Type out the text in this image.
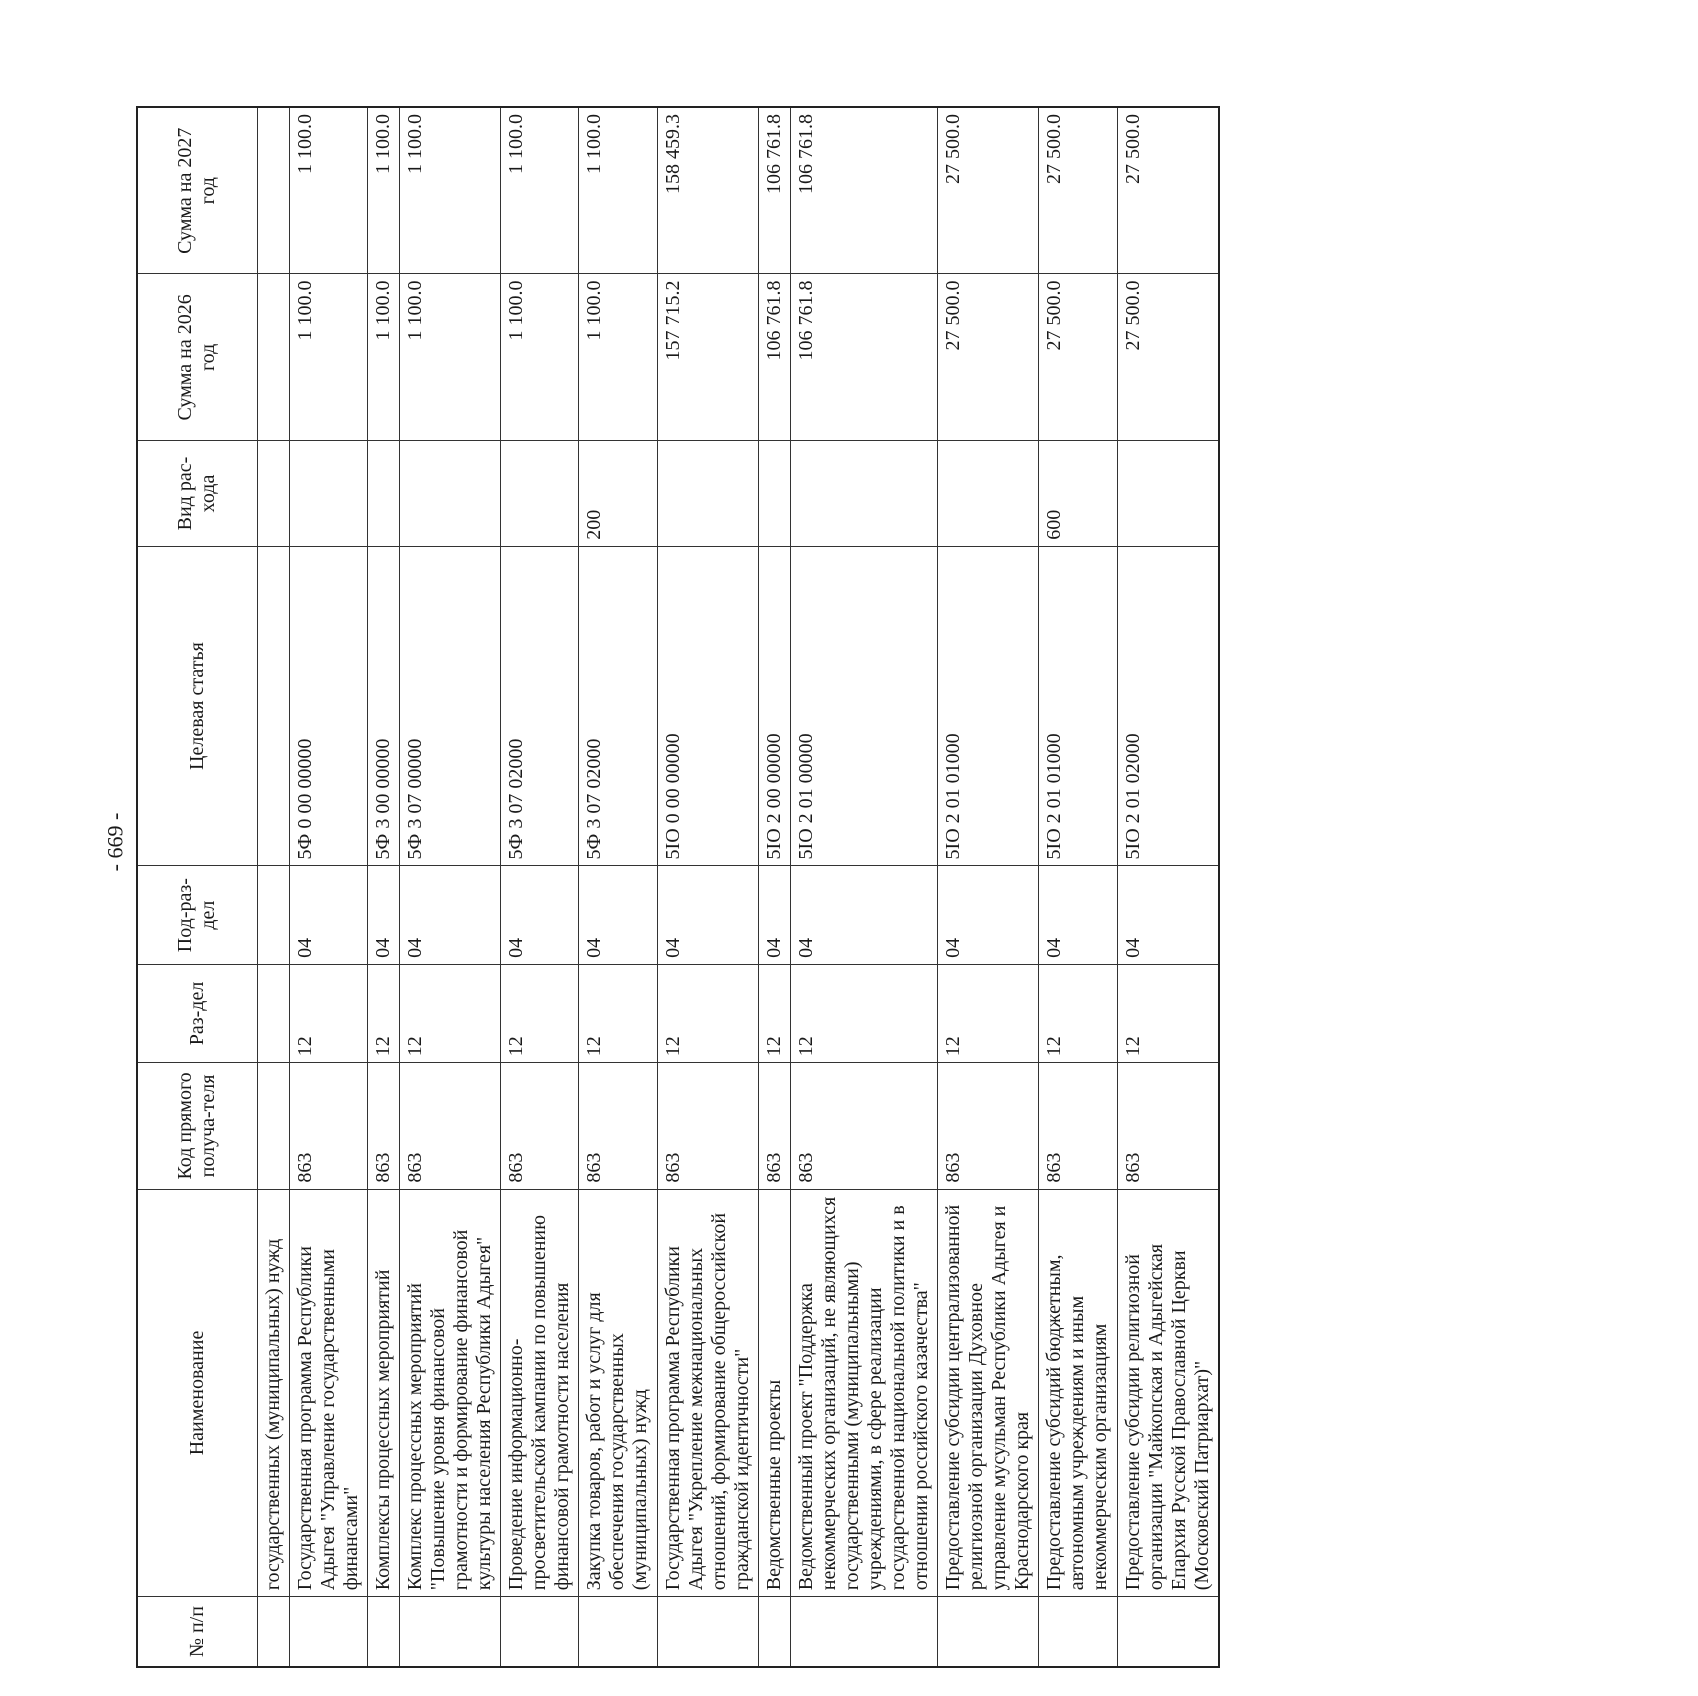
- 669 -
№ п/п	Наименование	Код прямого получа-теля	Раз-дел	Под-раз-дел	Целевая статья	Вид рас-хода	Сумма на 2026 год	Сумма на 2027 год
	государственных (муниципальных) нужд							
	Государственная программа Республики Адыгея "Управление государственными финансами"	863	12	04	5Ф 0 00 00000		1 100.0	1 100.0
	Комплексы процессных мероприятий	863	12	04	5Ф 3 00 00000		1 100.0	1 100.0
	Комплекс процессных мероприятий "Повышение уровня финансовой грамотности и формирование финансовой культуры населения Республики Адыгея"	863	12	04	5Ф 3 07 00000		1 100.0	1 100.0
	Проведение информационно-просветительской кампании по повышению финансовой грамотности населения	863	12	04	5Ф 3 07 02000		1 100.0	1 100.0
	Закупка товаров, работ и услуг для обеспечения государственных (муниципальных) нужд	863	12	04	5Ф 3 07 02000	200	1 100.0	1 100.0
	Государственная программа Республики Адыгея "Укрепление межнациональных отношений, формирование общероссийской гражданской идентичности"	863	12	04	5IO 0 00 00000		157 715.2	158 459.3
	Ведомственные проекты	863	12	04	5IO 2 00 00000		106 761.8	106 761.8
	Ведомственный проект "Поддержка некоммерческих организаций, не являющихся государственными (муниципальными) учреждениями, в сфере реализации государственной национальной политики и в отношении российского казачества"	863	12	04	5IO 2 01 00000		106 761.8	106 761.8
	Предоставление субсидии централизованной религиозной организации Духовное управление мусульман Республики Адыгея и Краснодарского края	863	12	04	5IO 2 01 01000		27 500.0	27 500.0
	Предоставление субсидий бюджетным, автономным учреждениям и иным некоммерческим организациям	863	12	04	5IO 2 01 01000	600	27 500.0	27 500.0
	Предоставление субсидии религиозной организации "Майкопская и Адыгейская Епархия Русской Православной Церкви (Московский Патриархат)"	863	12	04	5IO 2 01 02000		27 500.0	27 500.0
